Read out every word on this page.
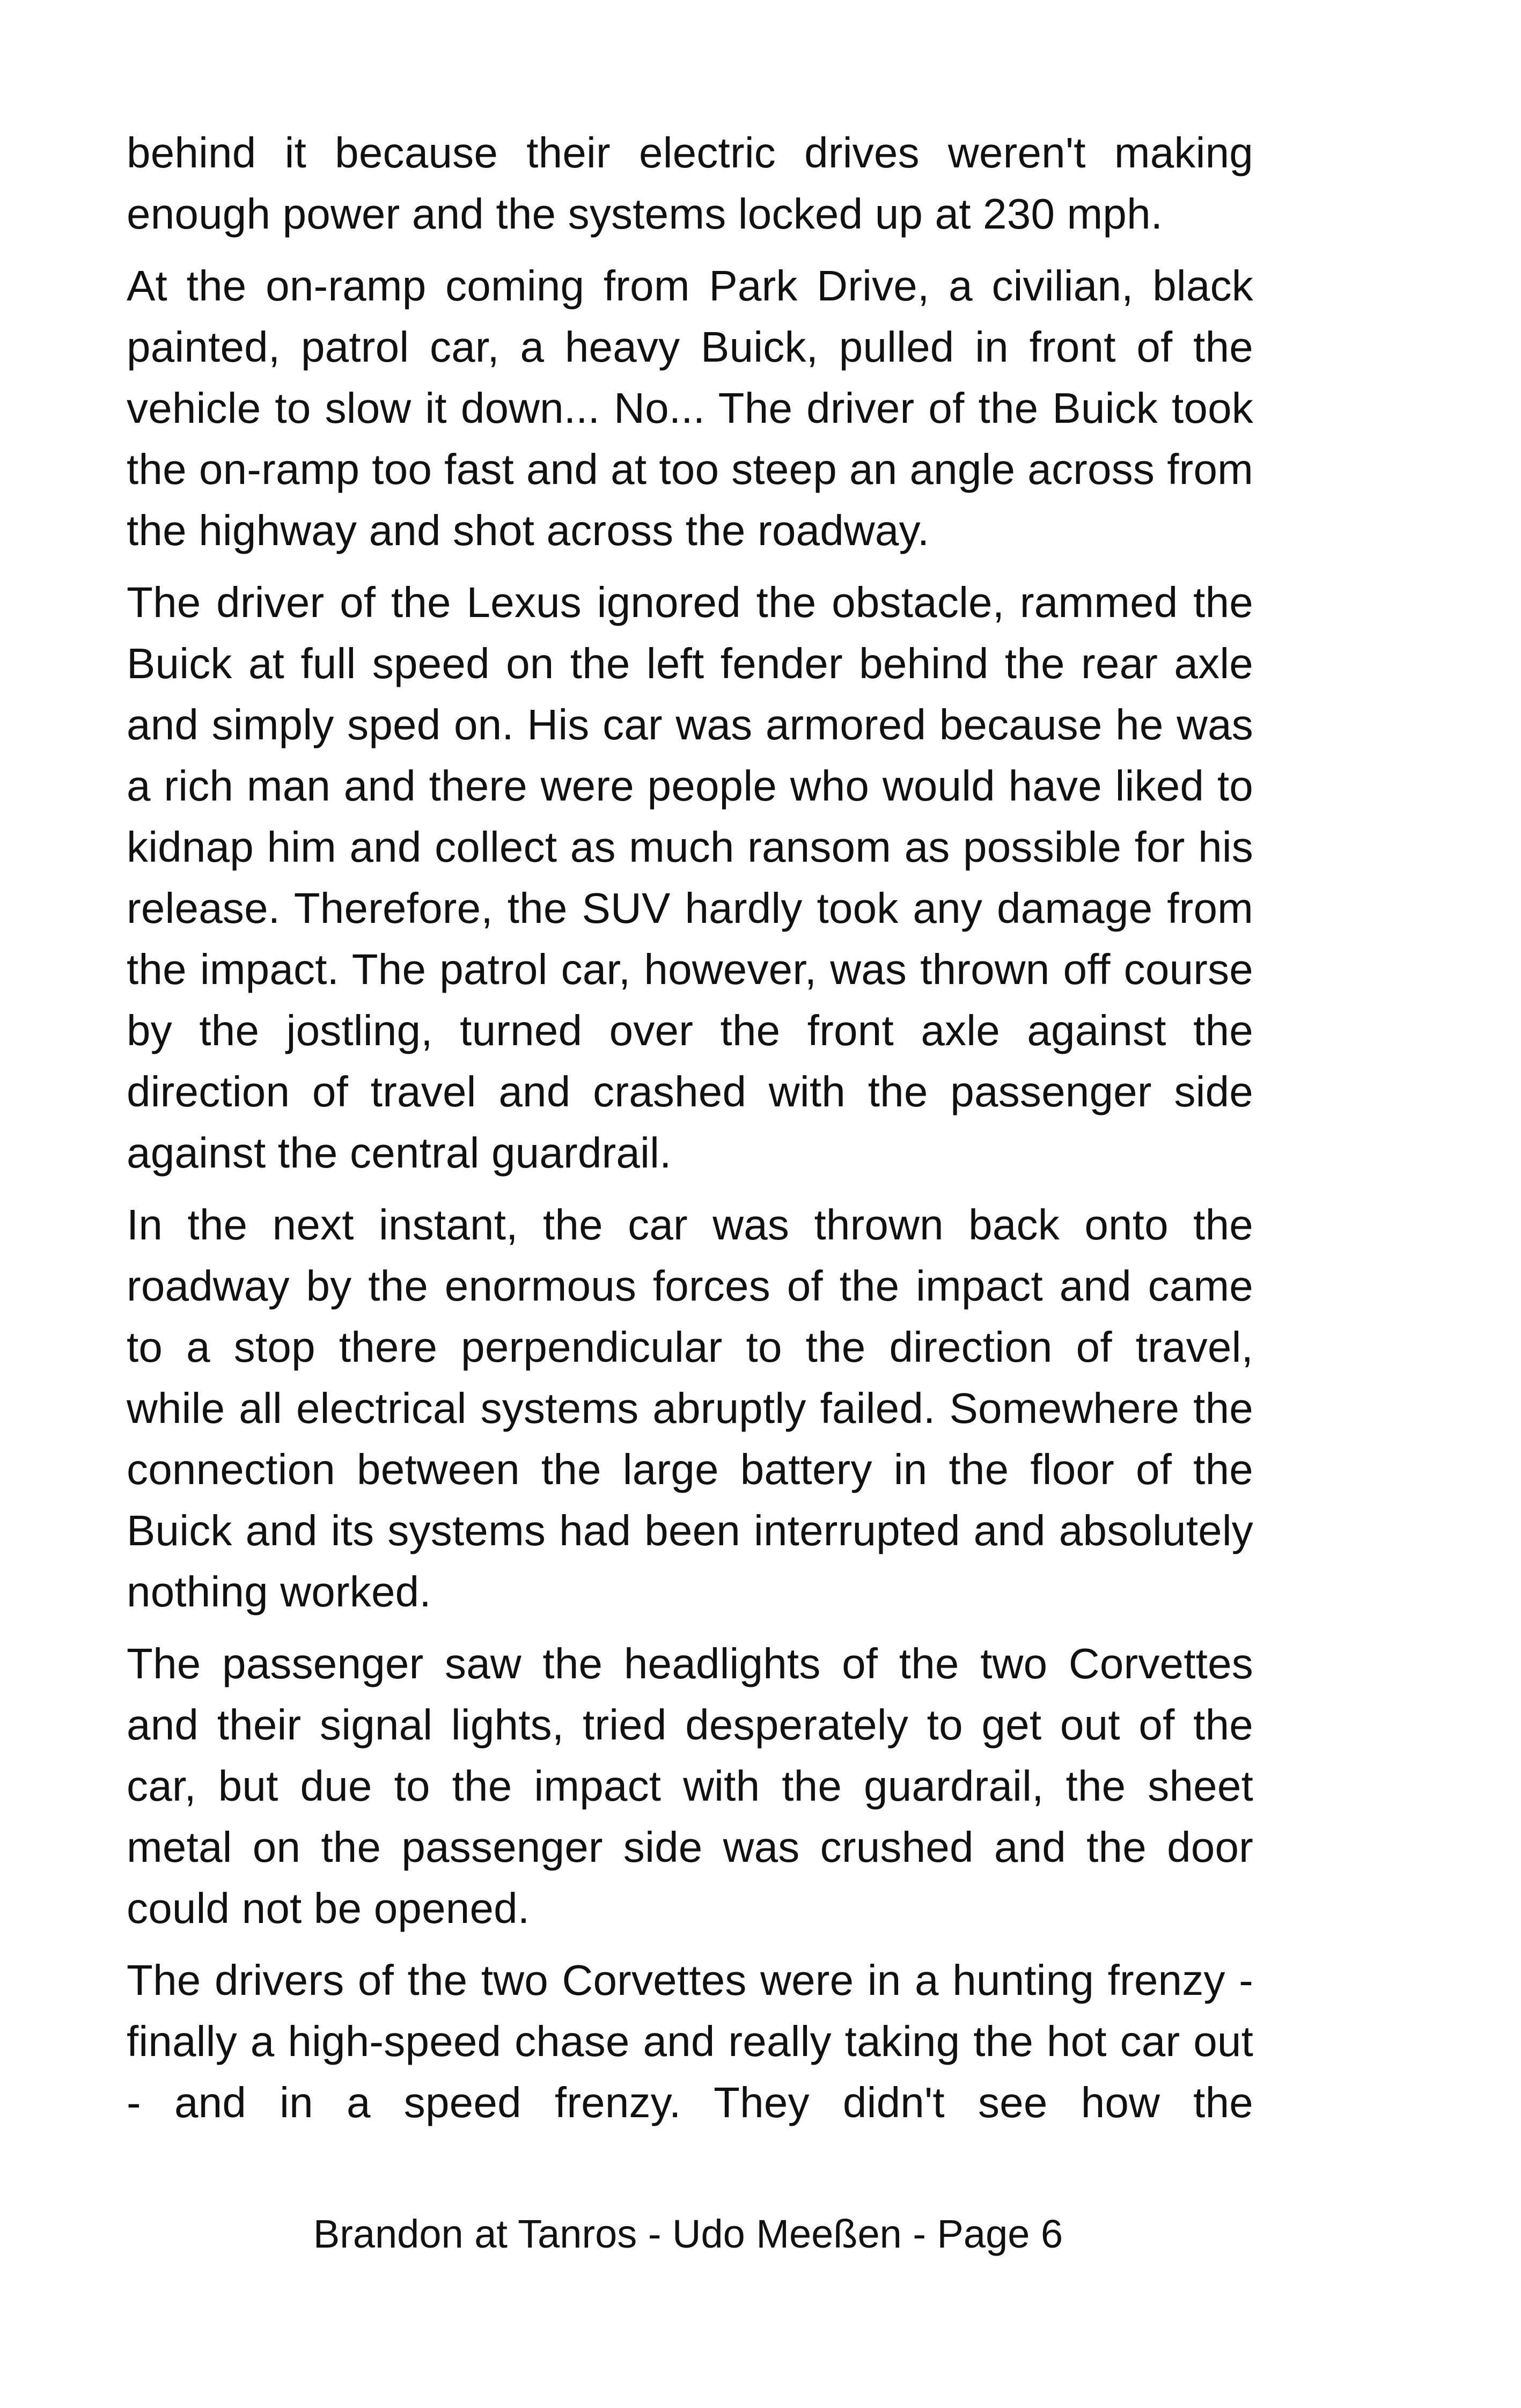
behind it because their electric drives weren't making enough power and the systems locked up at 230 mph.

At the on-ramp coming from Park Drive, a civilian, black painted, patrol car, a heavy Buick, pulled in front of the vehicle to slow it down... No... The driver of the Buick took the on-ramp too fast and at too steep an angle across from the highway and shot across the roadway.

The driver of the Lexus ignored the obstacle, rammed the Buick at full speed on the left fender behind the rear axle and simply sped on. His car was armored because he was a rich man and there were people who would have liked to kidnap him and collect as much ransom as possible for his release. Therefore, the SUV hardly took any damage from the impact. The patrol car, however, was thrown off course by the jostling, turned over the front axle against the direction of travel and crashed with the passenger side against the central guardrail.

In the next instant, the car was thrown back onto the roadway by the enormous forces of the impact and came to a stop there perpendicular to the direction of travel, while all electrical systems abruptly failed. Somewhere the connection between the large battery in the floor of the Buick and its systems had been interrupted and absolutely nothing worked.

The passenger saw the headlights of the two Corvettes and their signal lights, tried desperately to get out of the car, but due to the impact with the guardrail, the sheet metal on the passenger side was crushed and the door could not be opened.

The drivers of the two Corvettes were in a hunting frenzy - finally a high-speed chase and really taking the hot car out - and in a speed frenzy. They didn't see how the

Brandon at Tanros - Udo Meeßen - Page 6
